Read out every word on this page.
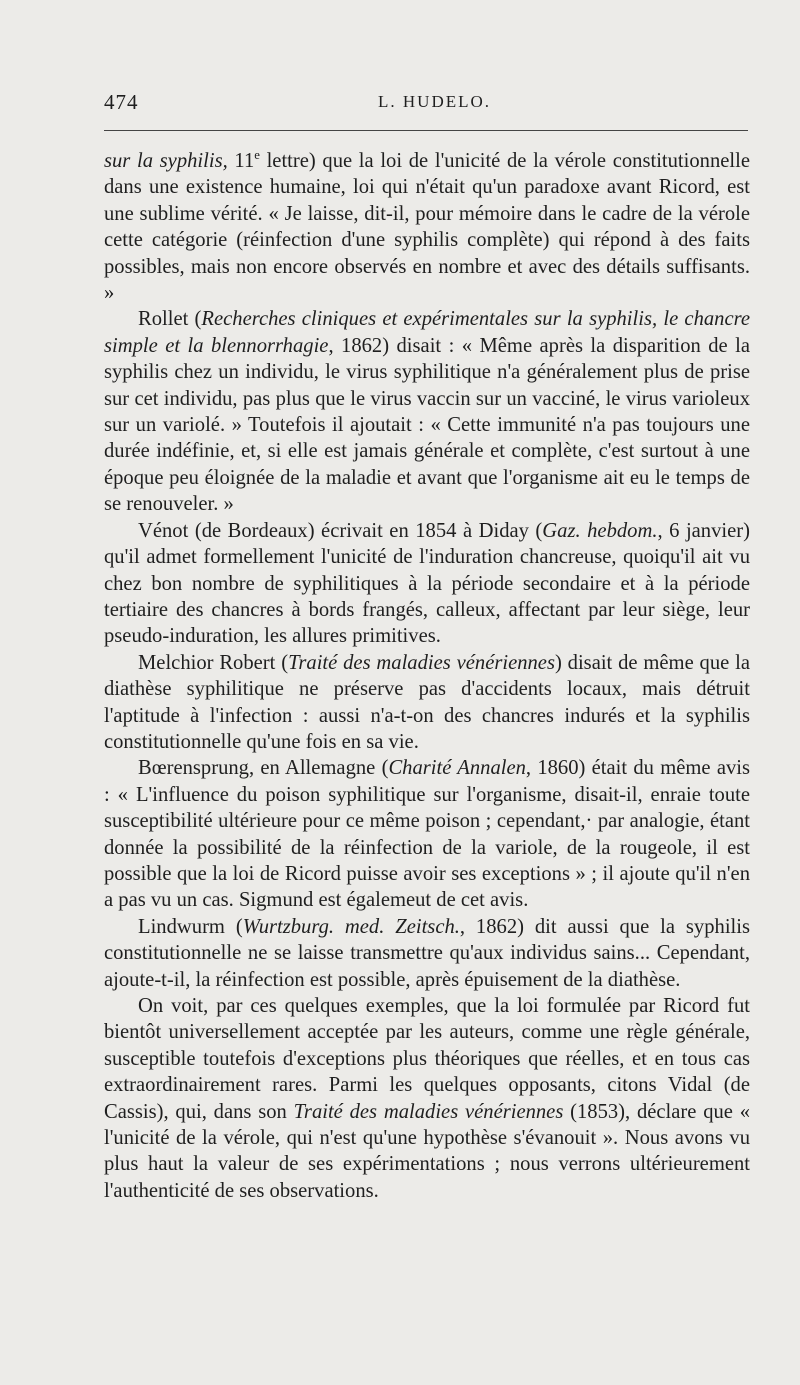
474	L. HUDELO.

sur la syphilis, 11e lettre) que la loi de l'unicité de la vérole constitutionnelle dans une existence humaine, loi qui n'était qu'un paradoxe avant Ricord, est une sublime vérité. « Je laisse, dit-il, pour mémoire dans le cadre de la vérole cette catégorie (réinfection d'une syphilis complète) qui répond à des faits possibles, mais non encore observés en nombre et avec des détails suffisants. »

Rollet (Recherches cliniques et expérimentales sur la syphilis, le chancre simple et la blennorrhagie, 1862) disait : « Même après la disparition de la syphilis chez un individu, le virus syphilitique n'a généralement plus de prise sur cet individu, pas plus que le virus vaccin sur un vacciné, le virus varioleux sur un variolé. » Toutefois il ajoutait : « Cette immunité n'a pas toujours une durée indéfinie, et, si elle est jamais générale et complète, c'est surtout à une époque peu éloignée de la maladie et avant que l'organisme ait eu le temps de se renouveler. »

Vénot (de Bordeaux) écrivait en 1854 à Diday (Gaz. hebdom., 6 janvier) qu'il admet formellement l'unicité de l'induration chancreuse, quoiqu'il ait vu chez bon nombre de syphilitiques à la période secondaire et à la période tertiaire des chancres à bords frangés, calleux, affectant par leur siège, leur pseudo-induration, les allures primitives.

Melchior Robert (Traité des maladies vénériennes) disait de même que la diathèse syphilitique ne préserve pas d'accidents locaux, mais détruit l'aptitude à l'infection : aussi n'a-t-on des chancres indurés et la syphilis constitutionnelle qu'une fois en sa vie.

Bœrensprung, en Allemagne (Charité Annalen, 1860) était du même avis : « L'influence du poison syphilitique sur l'organisme, disait-il, enraie toute susceptibilité ultérieure pour ce même poison ; cependant,· par analogie, étant donnée la possibilité de la réinfection de la variole, de la rougeole, il est possible que la loi de Ricord puisse avoir ses exceptions » ; il ajoute qu'il n'en a pas vu un cas. Sigmund est égalemeut de cet avis.

Lindwurm (Wurtzburg. med. Zeitsch., 1862) dit aussi que la syphilis constitutionnelle ne se laisse transmettre qu'aux individus sains... Cependant, ajoute-t-il, la réinfection est possible, après épuisement de la diathèse.

On voit, par ces quelques exemples, que la loi formulée par Ricord fut bientôt universellement acceptée par les auteurs, comme une règle générale, susceptible toutefois d'exceptions plus théoriques que réelles, et en tous cas extraordinairement rares. Parmi les quelques opposants, citons Vidal (de Cassis), qui, dans son Traité des maladies vénériennes (1853), déclare que « l'unicité de la vérole, qui n'est qu'une hypothèse s'évanouit ». Nous avons vu plus haut la valeur de ses expérimentations ; nous verrons ultérieurement l'authenticité de ses observations.
